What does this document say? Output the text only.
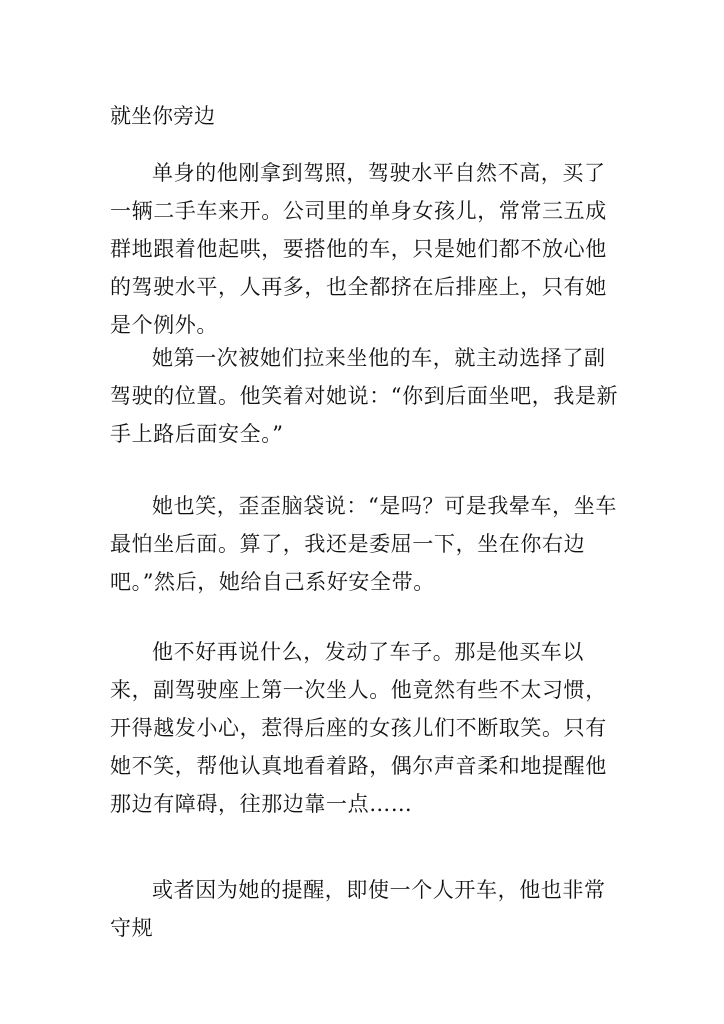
就坐你旁边

单身的他刚拿到驾照，驾驶水平自然不高，买了一辆二手车来开。公司里的单身女孩儿，常常三五成群地跟着他起哄，要搭他的车，只是她们都不放心他的驾驶水平，人再多，也全都挤在后排座上，只有她是个例外。

她第一次被她们拉来坐他的车，就主动选择了副驾驶的位置。他笑着对她说：“你到后面坐吧，我是新手上路后面安全。”

她也笑，歪歪脑袋说：“是吗？可是我晕车，坐车最怕坐后面。算了，我还是委屈一下，坐在你右边吧。”然后，她给自己系好安全带。

他不好再说什么，发动了车子。那是他买车以来，副驾驶座上第一次坐人。他竟然有些不太习惯，开得越发小心，惹得后座的女孩儿们不断取笑。只有她不笑，帮他认真地看着路，偶尔声音柔和地提醒他那边有障碍，往那边靠一点……

或者因为她的提醒，即使一个人开车，他也非常守规
